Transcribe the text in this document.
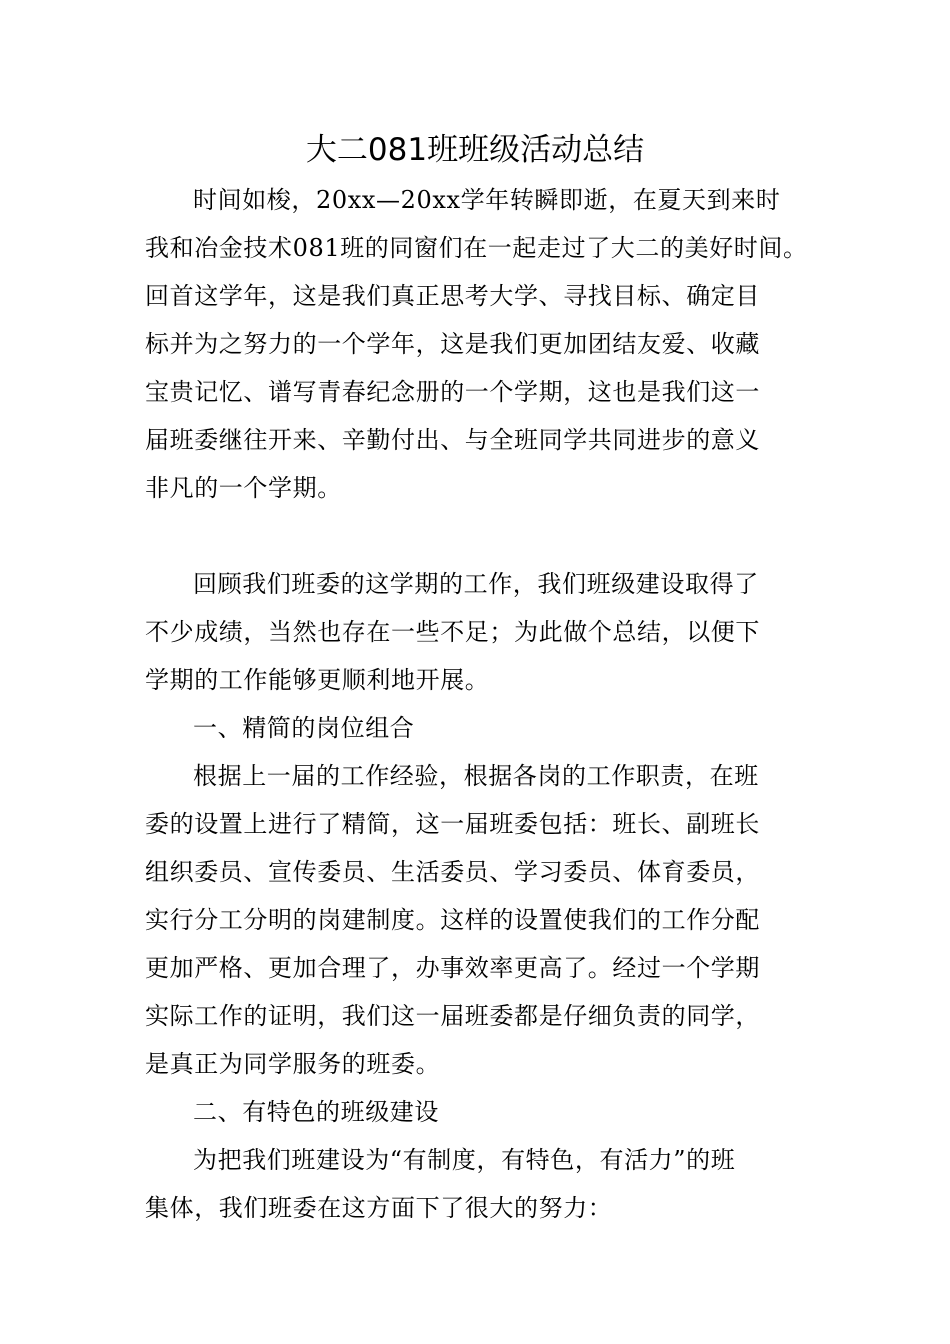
大二081班班级活动总结

时间如梭，20xx—20xx学年转瞬即逝，在夏天到来时
我和冶金技术081班的同窗们在一起走过了大二的美好时间。
回首这学年，这是我们真正思考大学、寻找目标、确定目
标并为之努力的一个学年，这是我们更加团结友爱、收藏
宝贵记忆、谱写青春纪念册的一个学期，这也是我们这一
届班委继往开来、辛勤付出、与全班同学共同进步的意义
非凡的一个学期。

回顾我们班委的这学期的工作，我们班级建设取得了
不少成绩，当然也存在一些不足；为此做个总结，以便下
学期的工作能够更顺利地开展。

一、精简的岗位组合

根据上一届的工作经验，根据各岗的工作职责，在班
委的设置上进行了精简，这一届班委包括：班长、副班长
组织委员、宣传委员、生活委员、学习委员、体育委员，
实行分工分明的岗建制度。这样的设置使我们的工作分配
更加严格、更加合理了，办事效率更高了。经过一个学期
实际工作的证明，我们这一届班委都是仔细负责的同学，
是真正为同学服务的班委。

二、有特色的班级建设

为把我们班建设为“有制度，有特色，有活力”的班
集体，我们班委在这方面下了很大的努力：
